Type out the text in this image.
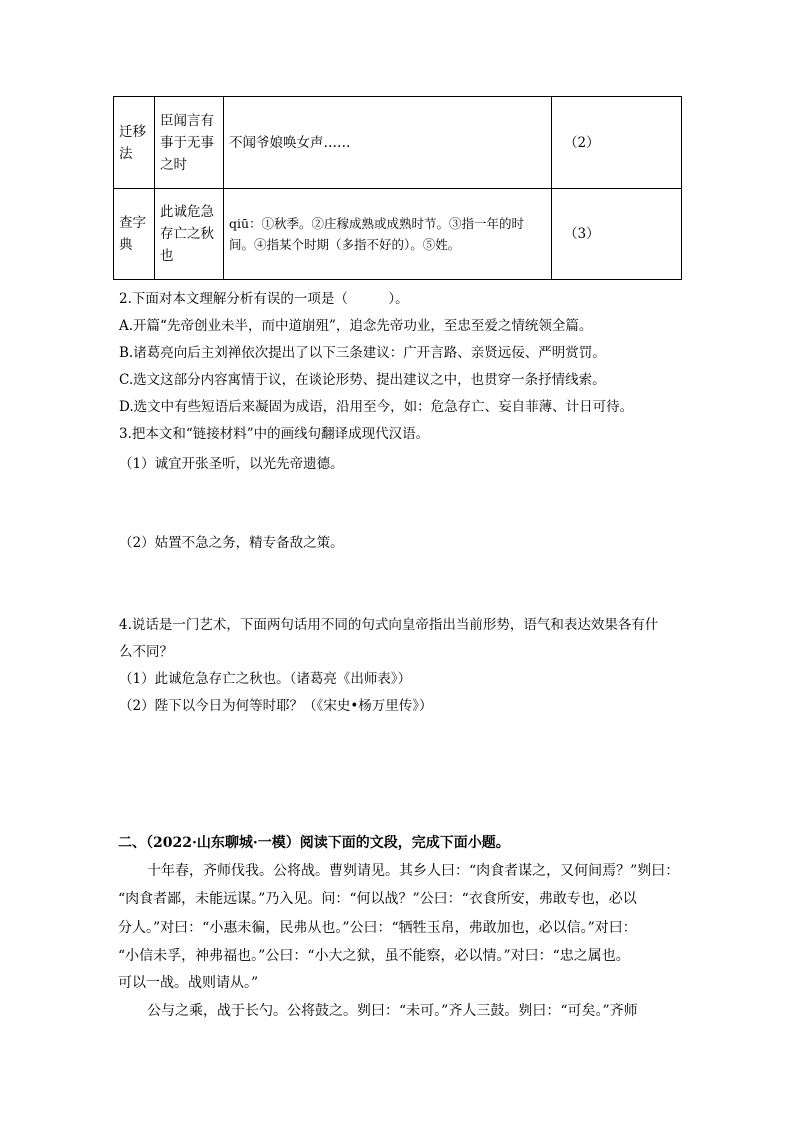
迁移法	臣闻言有事于无事之时	不闻爷娘唤女声……	（2）
查字典	此诚危急存亡之秋也	qiū：①秋季。②庄稼成熟或成熟时节。③指一年的时间。④指某个时期（多指不好的）。⑤姓。	（3）
2.下面对本文理解分析有误的一项是（　　　）。
A.开篇“先帝创业未半，而中道崩殂”，追念先帝功业，至忠至爱之情统领全篇。
B.诸葛亮向后主刘禅依次提出了以下三条建议：广开言路、亲贤远佞、严明赏罚。
C.选文这部分内容寓情于议，在谈论形势、提出建议之中，也贯穿一条抒情线索。
D.选文中有些短语后来凝固为成语，沿用至今，如：危急存亡、妄自菲薄、计日可待。
3.把本文和“链接材料”中的画线句翻译成现代汉语。
（1）诚宜开张圣听，以光先帝遗德。
（2）姑置不急之务，精专备敌之策。
4.说话是一门艺术，下面两句话用不同的句式向皇帝指出当前形势，语气和表达效果各有什
么不同？
（1）此诚危急存亡之秋也。（诸葛亮《出师表》）
（2）陛下以今日为何等时耶？（《宋史•杨万里传》）
二、（2022·山东聊城·一模）阅读下面的文段，完成下面小题。
十年春，齐师伐我。公将战。曹刿请见。其乡人曰：“肉食者谋之，又何间焉？”刿曰：
“肉食者鄙，未能远谋。”乃入见。问：“何以战？”公曰：“衣食所安，弗敢专也，必以
分人。”对曰：“小惠未徧，民弗从也。”公曰：“牺牲玉帛，弗敢加也，必以信。”对曰：
“小信未孚，神弗福也。”公曰：“小大之狱，虽不能察，必以情。”对曰：“忠之属也。
可以一战。战则请从。”
公与之乘，战于长勺。公将鼓之。刿曰：“未可。”齐人三鼓。刿曰：“可矣。”齐师
